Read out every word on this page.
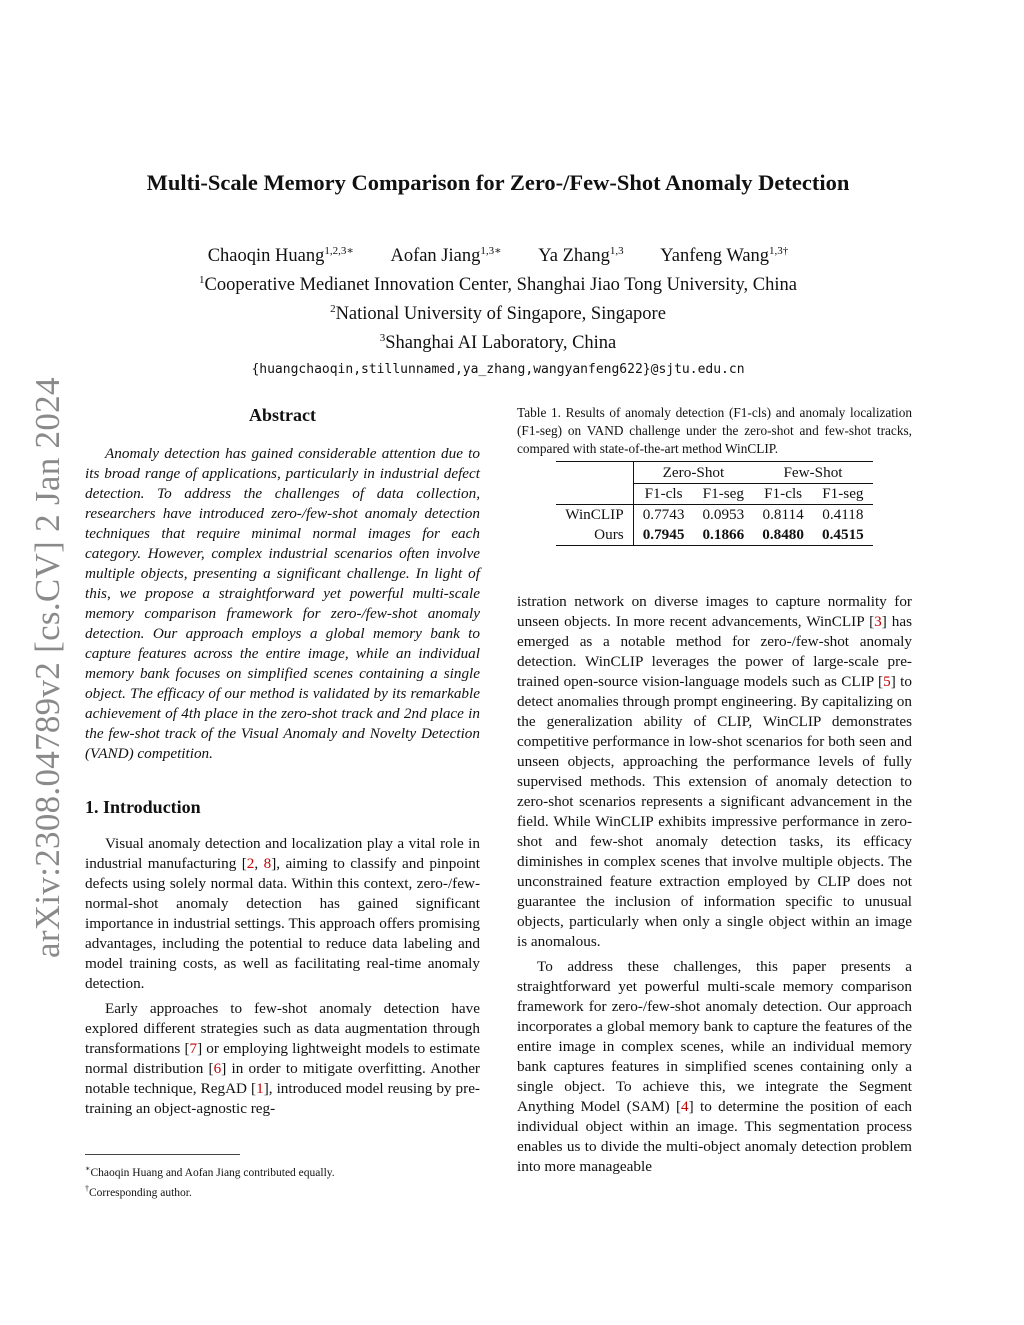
arXiv:2308.04789v2 [cs.CV] 2 Jan 2024
Multi-Scale Memory Comparison for Zero-/Few-Shot Anomaly Detection
Chaoqin Huang$^{1,2,3∗}$ Aofan Jiang$^{1,3∗}$ Ya Zhang$^{1,3}$ Yanfeng Wang$^{1,3\dagger}$
$^1$Cooperative Medianet Innovation Center, Shanghai Jiao Tong University, China
$^2$National University of Singapore, Singapore
$^3$Shanghai AI Laboratory, China
{huangchaoqin,stillunnamed,ya_zhang,wangyanfeng622}@sjtu.edu.cn
Abstract

Anomaly detection has gained considerable attention due to its broad range of applications, particularly in industrial defect detection. To address the challenges of data collection, researchers have introduced zero-/few-shot anomaly detection techniques that require minimal normal images for each category. However, complex industrial scenarios often involve multiple objects, presenting a significant challenge. In light of this, we propose a straightforward yet powerful multi-scale memory comparison framework for zero-/few-shot anomaly detection. Our approach employs a global memory bank to capture features across the entire image, while an individual memory bank focuses on simplified scenes containing a single object. The efficacy of our method is validated by its remarkable achievement of 4th place in the zero-shot track and 2nd place in the few-shot track of the Visual Anomaly and Novelty Detection (VAND) competition.

1. Introduction

Visual anomaly detection and localization play a vital role in industrial manufacturing [2, 8], aiming to classify and pinpoint defects using solely normal data. Within this context, zero-/few-normal-shot anomaly detection has gained significant importance in industrial settings. This approach offers promising advantages, including the potential to reduce data labeling and model training costs, as well as facilitating real-time anomaly detection.

Early approaches to few-shot anomaly detection have explored different strategies such as data augmentation through transformations [7] or employing lightweight models to estimate normal distribution [6] in order to mitigate overfitting. Another notable technique, RegAD [1], introduced model reusing by pre-training an object-agnostic reg-

∗Chaoqin Huang and Aofan Jiang contributed equally.
†Corresponding author.

Table 1. Results of anomaly detection (F1-cls) and anomaly localization (F1-seg) on VAND challenge under the zero-shot and few-shot tracks, compared with state-of-the-art method WinCLIP.

	Zero-Shot		Few-Shot	
	F1-cls	F1-seg	F1-cls	F1-seg
WinCLIP	0.7743	0.0953	0.8114	0.4118
Ours	0.7945	0.1866	0.8480	0.4515

istration network on diverse images to capture normality for unseen objects. In more recent advancements, WinCLIP [3] has emerged as a notable method for zero-/few-shot anomaly detection. WinCLIP leverages the power of large-scale pre-trained open-source vision-language models such as CLIP [5] to detect anomalies through prompt engineering. By capitalizing on the generalization ability of CLIP, WinCLIP demonstrates competitive performance in low-shot scenarios for both seen and unseen objects, approaching the performance levels of fully supervised methods. This extension of anomaly detection to zero-shot scenarios represents a significant advancement in the field. While WinCLIP exhibits impressive performance in zero-shot and few-shot anomaly detection tasks, its efficacy diminishes in complex scenes that involve multiple objects. The unconstrained feature extraction employed by CLIP does not guarantee the inclusion of information specific to unusual objects, particularly when only a single object within an image is anomalous.

To address these challenges, this paper presents a straightforward yet powerful multi-scale memory comparison framework for zero-/few-shot anomaly detection. Our approach incorporates a global memory bank to capture the features of the entire image in complex scenes, while an individual memory bank captures features in simplified scenes containing only a single object. To achieve this, we integrate the Segment Anything Model (SAM) [4] to determine the position of each individual object within an image. This segmentation process enables us to divide the multi-object anomaly detection problem into more manageable
